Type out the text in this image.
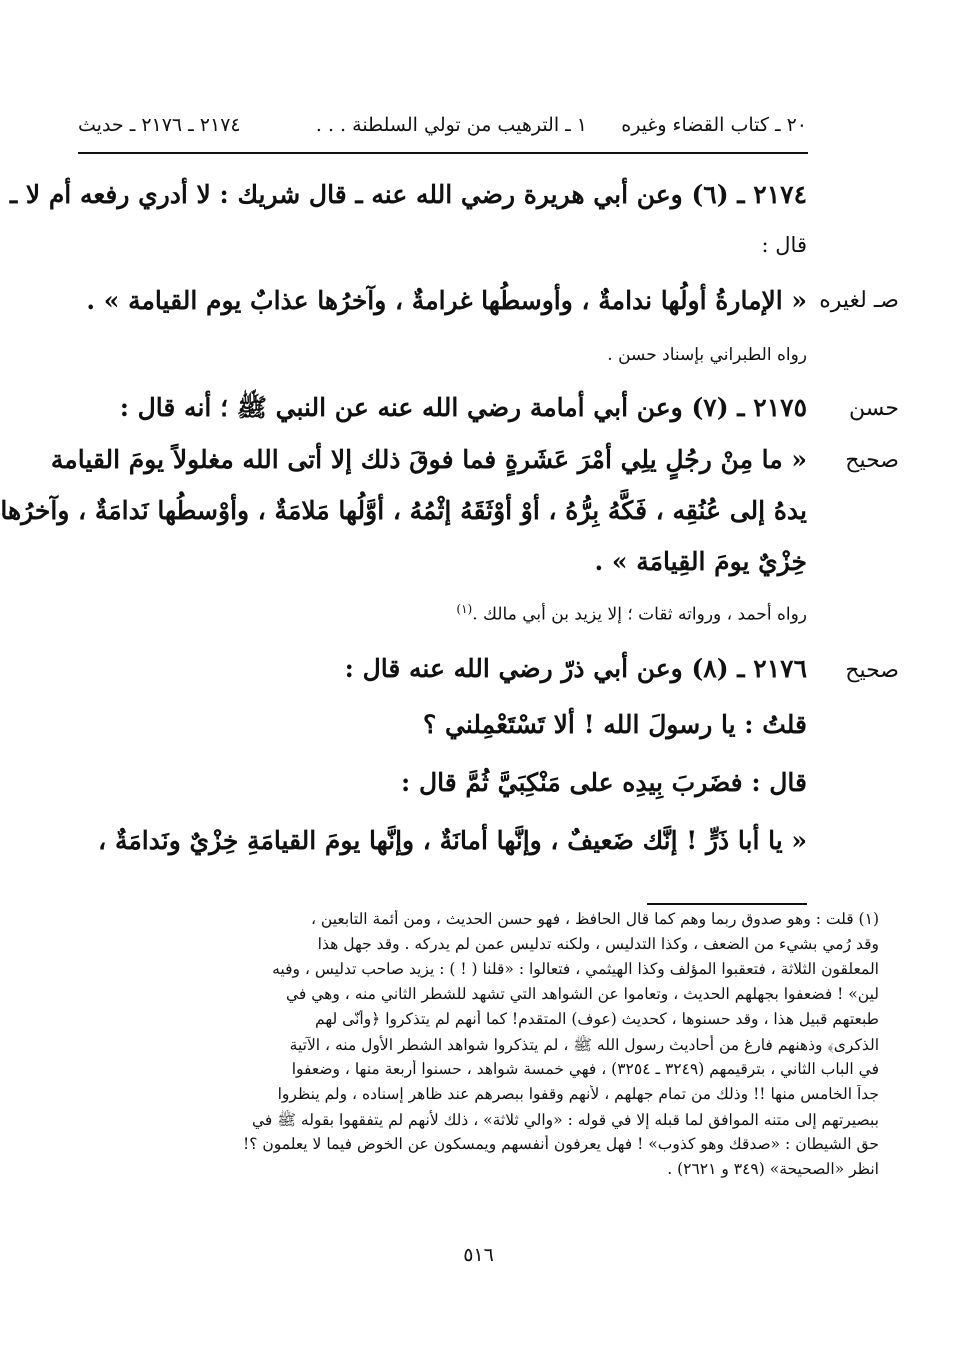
٢٠ ـ كتاب القضاء وغيره
١ ـ الترهيب من تولي السلطنة . . .
٢١٧٤ ـ ٢١٧٦ ـ حديث
٢١٧٤ ـ (٦) وعن أبي هريرة رضي الله عنه ـ قال شريك : لا أدري رفعه أم لا ـ
قال :
صـ لغيره
« الإمارةُ أولُها ندامةٌ ، وأوسطُها غرامةٌ ، وآخرُها عذابٌ يوم القيامة » .
رواه الطبراني بإسناد حسن .
حسن
٢١٧٥ ـ (٧) وعن أبي أمامة رضي الله عنه عن النبي ﷺ ؛ أنه قال :
صحيح
« ما مِنْ رجُلٍ يلِي أمْرَ عَشَرةٍ فما فوقَ ذلك إلا أتى الله مغلولاً يومَ القيامة
يدهُ إلى عُنُقِه ، فَكَّهُ بِرُّهُ ، أوْ أوْثَقَهُ إثْمُهُ ، أوَّلُها مَلامَةٌ ، وأوْسطُها نَدامَةٌ ، وآخرُها
خِزْيٌ يومَ القِيامَة » .
رواه أحمد ، ورواته ثقات ؛ إلا يزيد بن أبي مالك .$^{(١)}$
صحيح
٢١٧٦ ـ (٨) وعن أبي ذرّ رضي الله عنه قال :
قلتُ : يا رسولَ الله ! ألا تَسْتَعْمِلني ؟
قال : فضَربَ بِيدِه على مَنْكِبَيَّ ثُمَّ قال :
« يا أبا ذَرٍّ ! إنَّك ضَعيفٌ ، وإنَّها أمانَةٌ ، وإنَّها يومَ القيامَةِ خِزْيٌ ونَدامَةٌ ،
(١) قلت : وهو صدوق ربما وهم كما قال الحافظ ، فهو حسن الحديث ، ومن أئمة التابعين ،
وقد رُمي بشيء من الضعف ، وكذا التدليس ، ولكنه تدليس عمن لم يدركه . وقد جهل هذا
المعلقون الثلاثة ، فتعقبوا المؤلف وكذا الهيثمي ، فتعالوا : «قلنا ( ! ) : يزيد صاحب تدليس ، وفيه
لين» ! فضعفوا بجهلهم الحديث ، وتعاموا عن الشواهد التي تشهد للشطر الثاني منه ، وهي في
طبعتهم قبيل هذا ، وقد حسنوها ، كحديث (عوف) المتقدم! كما أنهم لم يتذكروا ﴿وأنّى لهم
الذكرى﴾ وذهنهم فارغ من أحاديث رسول الله ﷺ ، لم يتذكروا شواهد الشطر الأول منه ، الآتية
في الباب الثاني ، بترقيمهم (٣٢٤٩ ـ ٣٢٥٤) ، فهي خمسة شواهد ، حسنوا أربعة منها ، وضعفوا
جداً الخامس منها !! وذلك من تمام جهلهم ، لأنهم وقفوا ببصرهم عند ظاهر إسناده ، ولم ينظروا
ببصيرتهم إلى متنه الموافق لما قبله إلا في قوله : «والي ثلاثة» ، ذلك لأنهم لم يتفقهوا بقوله ﷺ في
حق الشيطان : «صدقك وهو كذوب» ! فهل يعرفون أنفسهم ويمسكون عن الخوض فيما لا يعلمون ؟!
انظر «الصحيحة» (٣٤٩ و ٢٦٢١) .
٥١٦
